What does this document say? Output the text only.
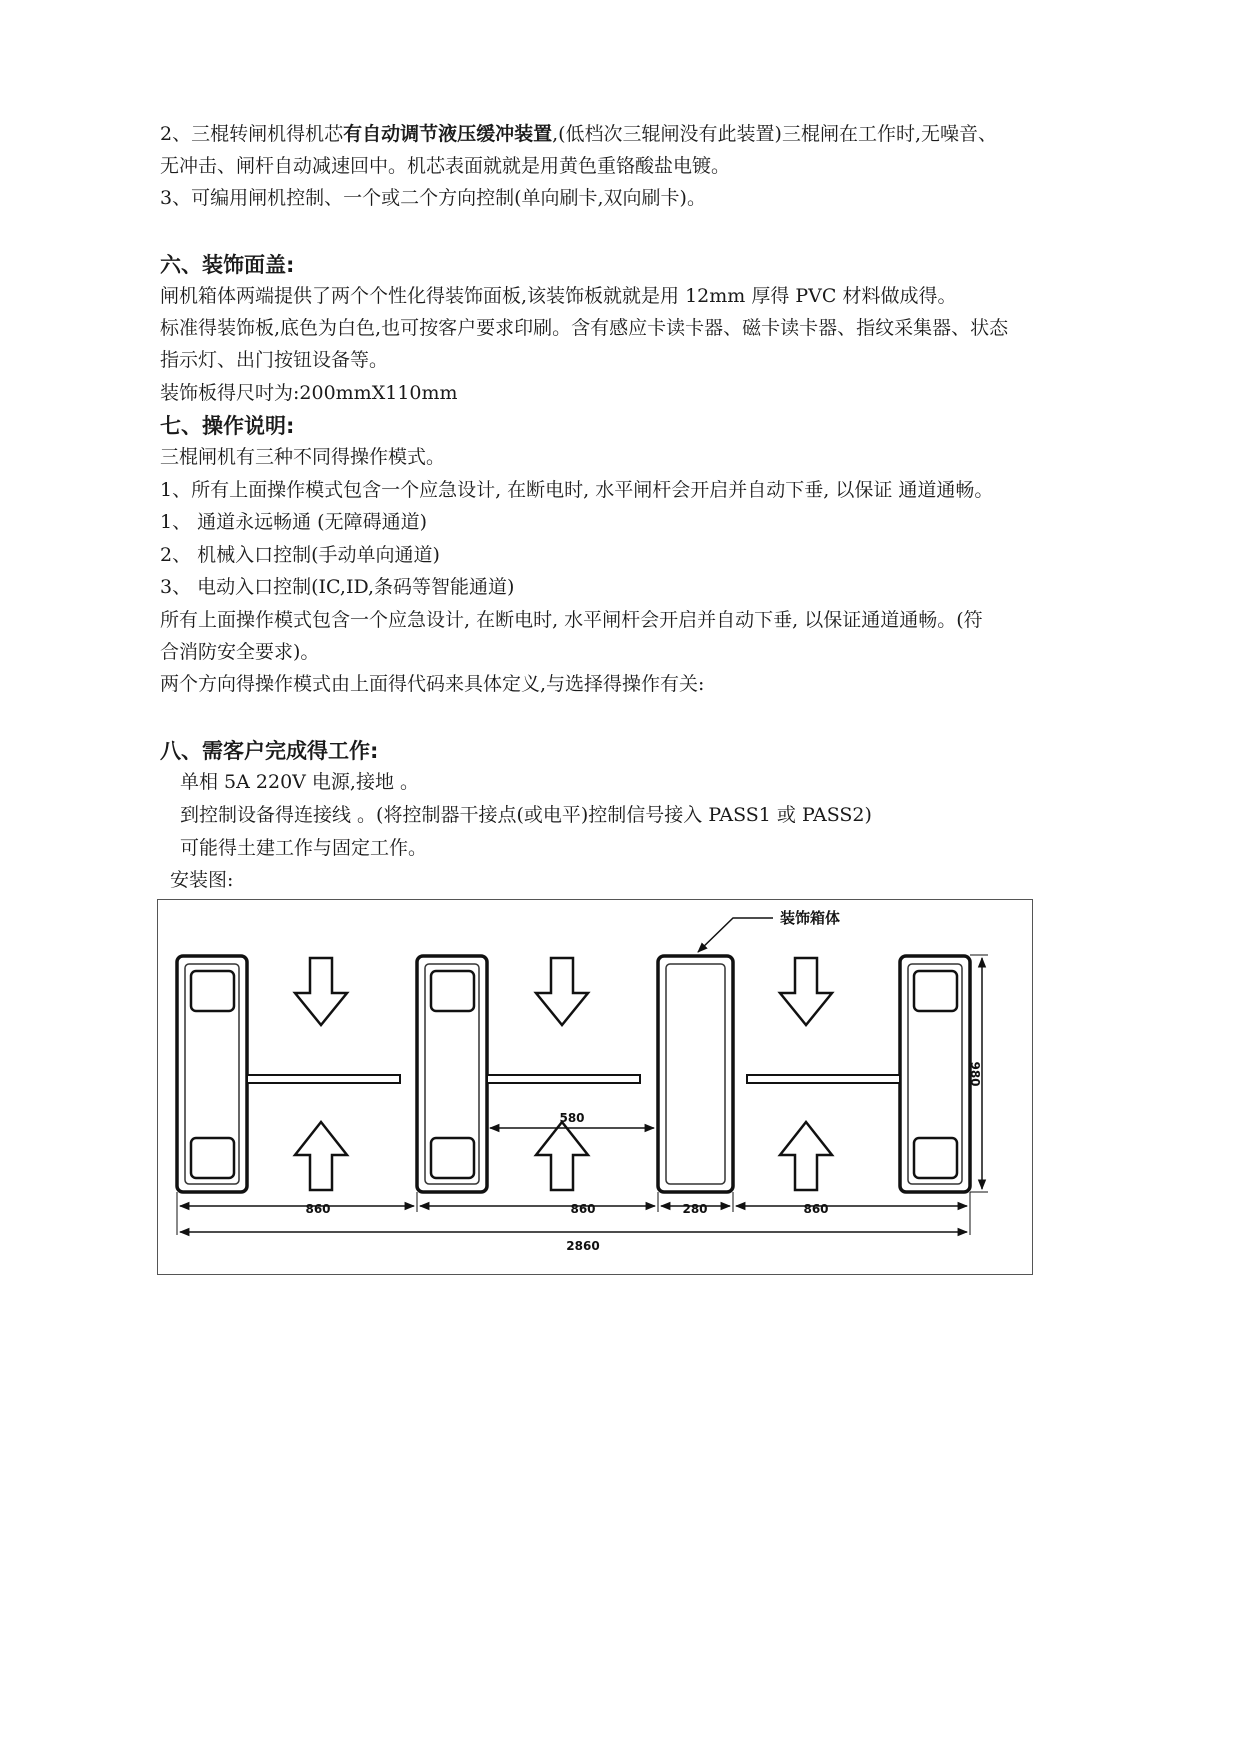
2、三棍转闸机得机芯有自动调节液压缓冲装置,(低档次三辊闸没有此装置)三棍闸在工作时,无噪音、
无冲击、闸杆自动减速回中。机芯表面就就是用黄色重铬酸盐电镀。
3、可编用闸机控制、一个或二个方向控制(单向刷卡,双向刷卡)。
六、装饰面盖:
闸机箱体两端提供了两个个性化得装饰面板,该装饰板就就是用 12mm 厚得 PVC 材料做成得。
标准得装饰板,底色为白色,也可按客户要求印刷。含有感应卡读卡器、磁卡读卡器、指纹采集器、状态
指示灯、出门按钮设备等。
装饰板得尺吋为:200mmX110mm
七、操作说明:
三棍闸机有三种不同得操作模式。
1、所有上面操作模式包含一个应急设计, 在断电时, 水平闸杆会开启并自动下垂, 以保证 通道通畅。
1、 通道永远畅通 (无障碍通道)
2、 机械入口控制(手动单向通道)
3、 电动入口控制(IC,ID,条码等智能通道)
所有上面操作模式包含一个应急设计, 在断电时, 水平闸杆会开启并自动下垂, 以保证通道通畅。(符
合消防安全要求)。
两个方向得操作模式由上面得代码来具体定义,与选择得操作有关:
八、需客户完成得工作:
单相 5A 220V 电源,接地 。
到控制设备得连接线 。(将控制器干接点(或电平)控制信号接入 PASS1 或 PASS2)
可能得土建工作与固定工作。
安装图:
装饰箱体
580
980
860	860	280	860
2860
